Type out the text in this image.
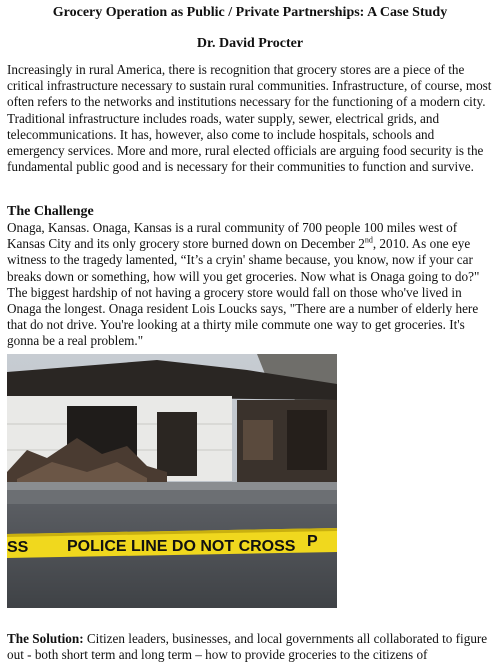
Grocery Operation as Public / Private Partnerships: A Case Study
Dr. David Procter

Increasingly in rural America, there is recognition that grocery stores are a piece of the critical infrastructure necessary to sustain rural communities. Infrastructure, of course, most often refers to the networks and institutions necessary for the functioning of a modern city. Traditional infrastructure includes roads, water supply, sewer, electrical grids, and telecommunications. It has, however, also come to include hospitals, schools and emergency services. More and more, rural elected officials are arguing food security is the fundamental public good and is necessary for their communities to function and survive.

The Challenge

Onaga, Kansas. Onaga, Kansas is a rural community of 700 people 100 miles west of Kansas City and its only grocery store burned down on December 2nd, 2010. As one eye witness to the tragedy lamented, “It’s a cryin' shame because, you know, now if your car breaks down or something, how will you get groceries. Now what is Onaga going to do?" The biggest hardship of not having a grocery store would fall on those who've lived in Onaga the longest. Onaga resident Lois Loucks says, "There are a number of elderly here that do not drive. You're looking at a thirty mile commute one way to get groceries. It's gonna be a real problem."

POLICE LINE DO NOT CROSS
SS	P

The Solution: Citizen leaders, businesses, and local governments all collaborated to figure out - both short term and long term – how to provide groceries to the citizens of
